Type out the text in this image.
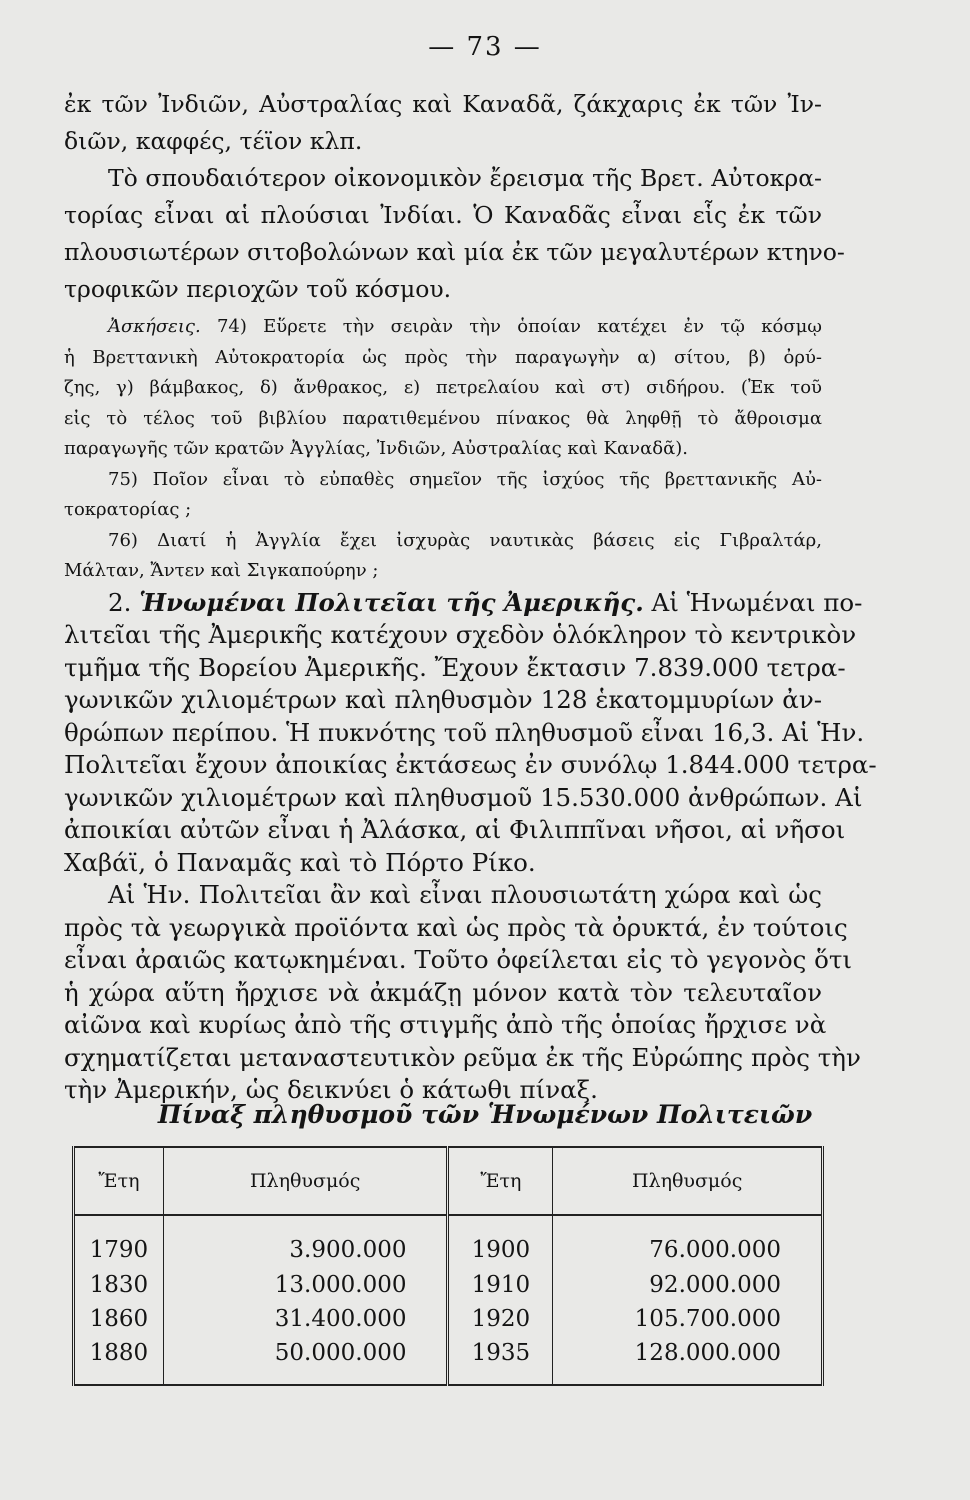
— 73 —

ἐκ τῶν Ἰνδιῶν, Αὐστραλίας καὶ Καναδᾶ, ζάκχαρις ἐκ τῶν Ἰν-

διῶν, καφφές, τέϊον κλπ.

Τὸ σπουδαιότερον οἰκονομικὸν ἔρεισμα τῆς Βρετ. Αὐτοκρα-

τορίας εἶναι αἱ πλούσιαι Ἰνδίαι. Ὁ Καναδᾶς εἶναι εἷς ἐκ τῶν

πλουσιωτέρων σιτοβολώνων καὶ μία ἐκ τῶν μεγαλυτέρων κτηνο-

τροφικῶν περιοχῶν τοῦ κόσμου.

Ἀσκήσεις. 74) Εὕρετε τὴν σειρὰν τὴν ὁποίαν κατέχει ἐν τῷ κόσμῳ

ἡ Βρεττανικὴ Αὐτοκρατορία ὡς πρὸς τὴν παραγωγὴν α) σίτου, β) ὀρύ-

ζης, γ) βάμβακος, δ) ἄνθρακος, ε) πετρελαίου καὶ στ) σιδήρου. (Ἐκ τοῦ

εἰς τὸ τέλος τοῦ βιβλίου παρατιθεμένου πίνακος θὰ ληφθῇ τὸ ἄθροισμα

παραγωγῆς τῶν κρατῶν Ἀγγλίας, Ἰνδιῶν, Αὐστραλίας καὶ Καναδᾶ).

75) Ποῖον εἶναι τὸ εὐπαθὲς σημεῖον τῆς ἰσχύος τῆς βρεττανικῆς Αὐ-

τοκρατορίας ;

76) Διατί ἡ Ἀγγλία ἔχει ἰσχυρὰς ναυτικὰς βάσεις εἰς Γιβραλτάρ,

Μάλταν, Ἄντεν καὶ Σιγκαπούρην ;

2. Ἡνωμέναι Πολιτεῖαι τῆς Ἀμερικῆς. Αἱ Ἡνωμέναι πο-

λιτεῖαι τῆς Ἀμερικῆς κατέχουν σχεδὸν ὁλόκληρον τὸ κεντρικὸν

τμῆμα τῆς Βορείου Ἀμερικῆς. Ἔχουν ἔκτασιν 7.839.000 τετρα-

γωνικῶν χιλιομέτρων καὶ πληθυσμὸν 128 ἑκατομμυρίων ἀν-

θρώπων περίπου. Ἡ πυκνότης τοῦ πληθυσμοῦ εἶναι 16,3. Αἱ Ἡν.

Πολιτεῖαι ἔχουν ἀποικίας ἐκτάσεως ἐν συνόλῳ 1.844.000 τετρα-

γωνικῶν χιλιομέτρων καὶ πληθυσμοῦ 15.530.000 ἀνθρώπων. Αἱ

ἀποικίαι αὐτῶν εἶναι ἡ Ἀλάσκα, αἱ Φιλιππῖναι νῆσοι, αἱ νῆσοι

Χαβάϊ, ὁ Παναμᾶς καὶ τὸ Πόρτο Ρίκο.

Αἱ Ἡν. Πολιτεῖαι ἂν καὶ εἶναι πλουσιωτάτη χώρα καὶ ὡς

πρὸς τὰ γεωργικὰ προϊόντα καὶ ὡς πρὸς τὰ ὀρυκτά, ἐν τούτοις

εἶναι ἀραιῶς κατῳκημέναι. Τοῦτο ὀφείλεται εἰς τὸ γεγονὸς ὅτι

ἡ χώρα αὕτη ἤρχισε νὰ ἀκμάζῃ μόνον κατὰ τὸν τελευταῖον

αἰῶνα καὶ κυρίως ἀπὸ τῆς στιγμῆς ἀπὸ τῆς ὁποίας ἤρχισε νὰ

σχηματίζεται μεταναστευτικὸν ρεῦμα ἐκ τῆς Εὐρώπης πρὸς τὴν

τὴν Ἀμερικήν, ὡς δεικνύει ὁ κάτωθι πίναξ.

Πίναξ πληθυσμοῦ τῶν Ἡνωμένων Πολιτειῶν
Ἔτη	Πληθυσμός	Ἔτη	Πληθυσμός
1790	3.900.000	1900	76.000.000
1830	13.000.000	1910	92.000.000
1860	31.400.000	1920	105.700.000
1880	50.000.000	1935	128.000.000
